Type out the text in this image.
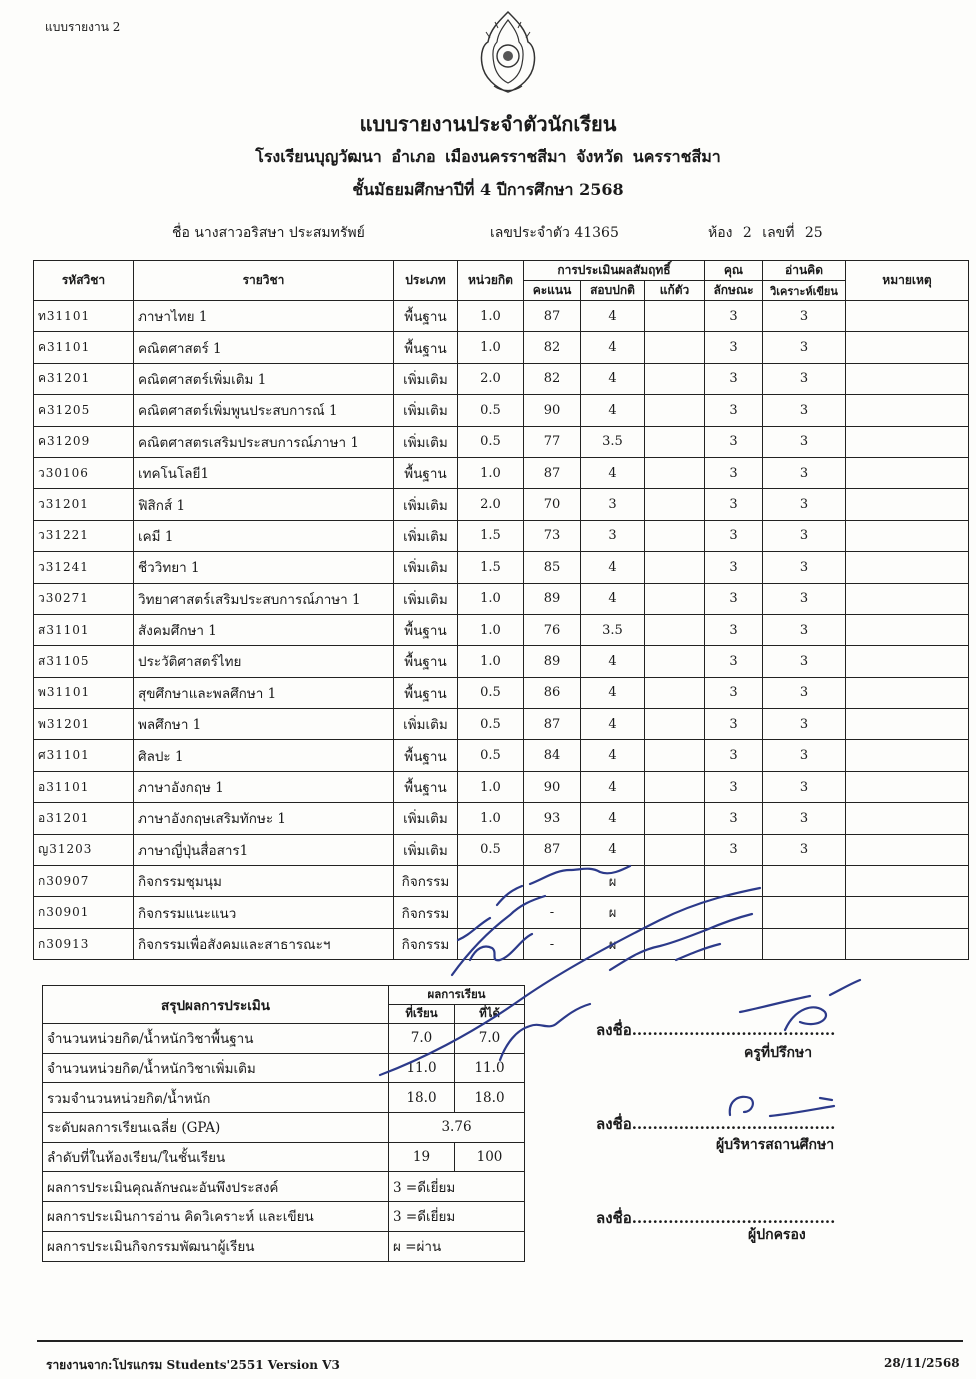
แบบรายงาน 2
แบบรายงานประจำตัวนักเรียน
โรงเรียนบุญวัฒนา อำเภอ เมืองนครราชสีมา จังหวัด นครราชสีมา
ชั้นมัธยมศึกษาปีที่ 4 ปีการศึกษา 2568
ชื่อ นางสาวอริสษา ประสมทรัพย์	เลขประจำตัว 41365	ห้อง 2 เลขที่ 25
รหัสวิชา	รายวิชา	ประเภท	หน่วยกิต	การประเมินผลสัมฤทธิ์			คุณ	อ่านคิด	หมายเหตุ
				คะแนน	สอบปกติ	แก้ตัว	ลักษณะ	วิเคราะห์เขียน	
ท31101	ภาษาไทย 1	พื้นฐาน	1.0	87	4		3	3	
ค31101	คณิตศาสตร์ 1	พื้นฐาน	1.0	82	4		3	3	
ค31201	คณิตศาสตร์เพิ่มเติม 1	เพิ่มเติม	2.0	82	4		3	3	
ค31205	คณิตศาสตร์เพิ่มพูนประสบการณ์ 1	เพิ่มเติม	0.5	90	4		3	3	
ค31209	คณิตศาสตรเสริมประสบการณ์ภาษา 1	เพิ่มเติม	0.5	77	3.5		3	3	
ว30106	เทคโนโลยี1	พื้นฐาน	1.0	87	4		3	3	
ว31201	ฟิสิกส์ 1	เพิ่มเติม	2.0	70	3		3	3	
ว31221	เคมี 1	เพิ่มเติม	1.5	73	3		3	3	
ว31241	ชีววิทยา 1	เพิ่มเติม	1.5	85	4		3	3	
ว30271	วิทยาศาสตร์เสริมประสบการณ์ภาษา 1	เพิ่มเติม	1.0	89	4		3	3	
ส31101	สังคมศึกษา 1	พื้นฐาน	1.0	76	3.5		3	3	
ส31105	ประวัติศาสตร์ไทย	พื้นฐาน	1.0	89	4		3	3	
พ31101	สุขศึกษาและพลศึกษา 1	พื้นฐาน	0.5	86	4		3	3	
พ31201	พลศึกษา 1	เพิ่มเติม	0.5	87	4		3	3	
ศ31101	ศิลปะ 1	พื้นฐาน	0.5	84	4		3	3	
อ31101	ภาษาอังกฤษ 1	พื้นฐาน	1.0	90	4		3	3	
อ31201	ภาษาอังกฤษเสริมทักษะ 1	เพิ่มเติม	1.0	93	4		3	3	
ญ31203	ภาษาญี่ปุ่นสื่อสาร1	เพิ่มเติม	0.5	87	4		3	3	
ก30907	กิจกรรมชุมนุม	กิจกรรม			ผ				
ก30901	กิจกรรมแนะแนว	กิจกรรม		-	ผ				
ก30913	กิจกรรมเพื่อสังคมและสาธารณะฯ	กิจกรรม		-	ผ				
สรุปผลการประเมิน	ผลการเรียน	
	ที่เรียน	ที่ได้
จำนวนหน่วยกิต/น้ำหนักวิชาพื้นฐาน	7.0	7.0
จำนวนหน่วยกิต/น้ำหนักวิชาเพิ่มเติม	11.0	11.0
รวมจำนวนหน่วยกิต/น้ำหนัก	18.0	18.0
ระดับผลการเรียนเฉลี่ย (GPA)	3.76	
ลำดับที่ในห้องเรียน/ในชั้นเรียน	19	100
ผลการประเมินคุณลักษณะอันพึงประสงค์	3 =ดีเยี่ยม	
ผลการประเมินการอ่าน คิดวิเคราะห์ และเขียน	3 =ดีเยี่ยม	
ผลการประเมินกิจกรรมพัฒนาผู้เรียน	ผ =ผ่าน	
ลงชื่อ.......................................
ครูที่ปรึกษา
ลงชื่อ.......................................
ผู้บริหารสถานศึกษา
ลงชื่อ.......................................
ผู้ปกครอง
รายงานจาก:โปรแกรม Students'2551 Version V3	28/11/2568
